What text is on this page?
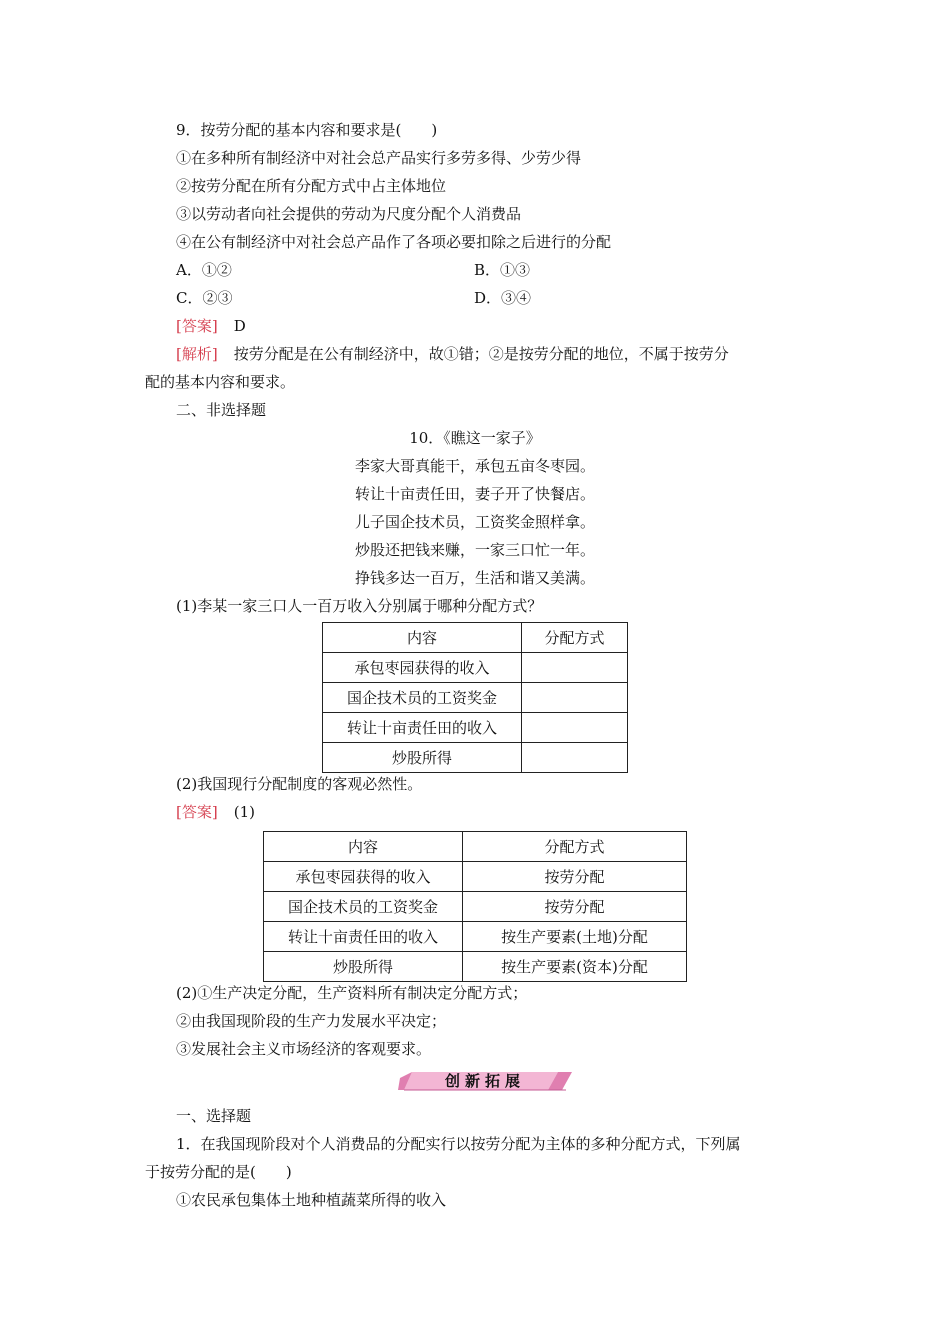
9．按劳分配的基本内容和要求是(　　)
①在多种所有制经济中对社会总产品实行多劳多得、少劳少得
②按劳分配在所有分配方式中占主体地位
③以劳动者向社会提供的劳动为尺度分配个人消费品
④在公有制经济中对社会总产品作了各项必要扣除之后进行的分配
A．①②	B．①③
C．②③	D．③④
[答案] D
[解析] 按劳分配是在公有制经济中，故①错；②是按劳分配的地位，不属于按劳分
配的基本内容和要求。
二、非选择题
10．《瞧这一家子》
李家大哥真能干，承包五亩冬枣园。
转让十亩责任田，妻子开了快餐店。
儿子国企技术员，工资奖金照样拿。
炒股还把钱来赚，一家三口忙一年。
挣钱多达一百万，生活和谐又美满。
(1)李某一家三口人一百万收入分别属于哪种分配方式？
内容	分配方式
承包枣园获得的收入	
国企技术员的工资奖金	
转让十亩责任田的收入	
炒股所得	
(2)我国现行分配制度的客观必然性。
[答案] (1)
内容	分配方式
承包枣园获得的收入	按劳分配
国企技术员的工资奖金	按劳分配
转让十亩责任田的收入	按生产要素(土地)分配
炒股所得	按生产要素(资本)分配
(2)①生产决定分配，生产资料所有制决定分配方式；
②由我国现阶段的生产力发展水平决定；
③发展社会主义市场经济的客观要求。
创新拓展
一、选择题
1．在我国现阶段对个人消费品的分配实行以按劳分配为主体的多种分配方式，下列属
于按劳分配的是(　　)
①农民承包集体土地种植蔬菜所得的收入
